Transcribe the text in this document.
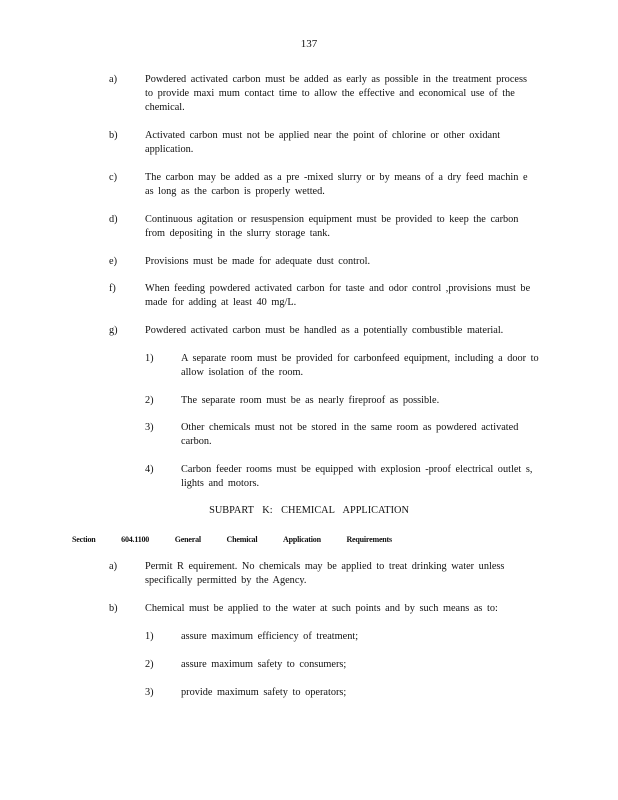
137
a)	Powdered activated carbon must be added as early as possible in the treatment process to provide maxi mum contact time to allow the effective and economical use of the chemical.
b)	Activated carbon must not be applied near the point of chlorine or other oxidant application.
c)	The carbon may be added as a pre -mixed slurry or by means of a dry feed machin e as long as the carbon is properly wetted.
d)	Continuous agitation or resuspension equipment must be provided to keep the carbon from depositing in the slurry storage tank.
e)	Provisions must be made for adequate dust control.
f)	When feeding powdered activated carbon for taste and odor control ,provisions must be made for adding at least 40 mg/L.
g)	Powdered activated carbon must be handled as a potentially combustible material.
1)	A separate room must be provided for carbonfeed equipment, including a door to allow isolation of the room.
2)	The separate room must be as nearly fireproof as possible.
3)	Other chemicals must not be stored in the same room as powdered activated carbon.
4)	Carbon feeder rooms must be equipped with explosion -proof electrical outlet s, lights and motors.
SUBPART K: CHEMICAL APPLICATION
Section	604.1100	General	Chemical	Application	Requirements
a)	Permit R equirement. No chemicals may be applied to treat drinking water unless specifically permitted by the Agency.
b)	Chemical must be applied to the water at such points and by such means as to:
1)	assure maximum efficiency of treatment;
2)	assure maximum safety to consumers;
3)	provide maximum safety to operators;
